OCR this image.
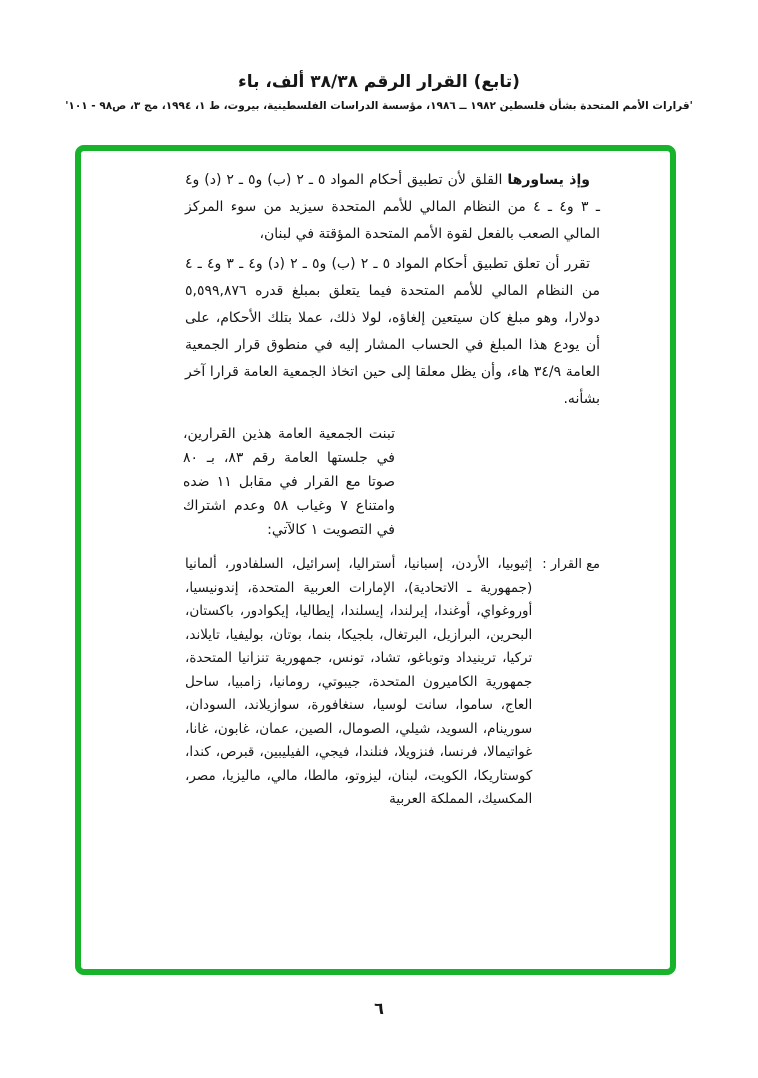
(تابع) القرار الرقم ٣٨/٣٨ ألف، باء
'قرارات الأمم المتحدة بشأن فلسطين ١٩٨٢ ــ ١٩٨٦، مؤسسة الدراسات الفلسطينية، بيروت، ط ١، ١٩٩٤، مج ٣، ص٩٨ - ١٠١'

وإذ يساورها القلق لأن تطبيق أحكام المواد ٥ ـ ٢ (ب) و٥ ـ ٢ (د) و٤ ـ ٣ و٤ ـ ٤ من النظام المالي للأمم المتحدة سيزيد من سوء المركز المالي الصعب بالفعل لقوة الأمم المتحدة المؤقتة في لبنان،

تقرر أن تعلق تطبيق أحكام المواد ٥ ـ ٢ (ب) و٥ ـ ٢ (د) و٤ ـ ٣ و٤ ـ ٤ من النظام المالي للأمم المتحدة فيما يتعلق بمبلغ قدره ٥,٥٩٩,٨٧٦ دولارا، وهو مبلغ كان سيتعين إلغاؤه، لولا ذلك، عملا بتلك الأحكام، على أن يودع هذا المبلغ في الحساب المشار إليه في منطوق قرار الجمعية العامة ٣٤/٩ هاء، وأن يظل معلقا إلى حين اتخاذ الجمعية العامة قرارا آخر بشأنه.

تبنت الجمعية العامة هذين القرارين، في جلستها العامة رقم ٨٣، بـ ٨٠ صوتا مع القرار في مقابل ١١ ضده وامتناع ٧ وغياب ٥٨ وعدم اشتراك في التصويت ١ كالآتي:
مع القرار :
إثيوبيا، الأردن، إسبانيا، أستراليا، إسرائيل، السلفادور، ألمانيا (جمهورية ـ الاتحادية)، الإمارات العربية المتحدة، إندونيسيا، أوروغواي، أوغندا، إيرلندا، إيسلندا، إيطاليا، إيكوادور، باكستان، البحرين، البرازيل، البرتغال، بلجيكا، بنما، بوتان، بوليفيا، تايلاند، تركيا، ترينيداد وتوباغو، تشاد، تونس، جمهورية تنزانيا المتحدة، جمهورية الكاميرون المتحدة، جيبوتي، رومانيا، زامبيا، ساحل العاج، ساموا، سانت لوسيا، سنغافورة، سوازيلاند، السودان، سورينام، السويد، شيلي، الصومال، الصين، عمان، غابون، غانا، غواتيمالا، فرنسا، فنزويلا، فنلندا، فيجي، الفيليبين، قبرص، كندا، كوستاريكا، الكويت، لبنان، ليزوتو، مالطا، مالي، ماليزيا، مصر، المكسيك، المملكة العربية
٦
